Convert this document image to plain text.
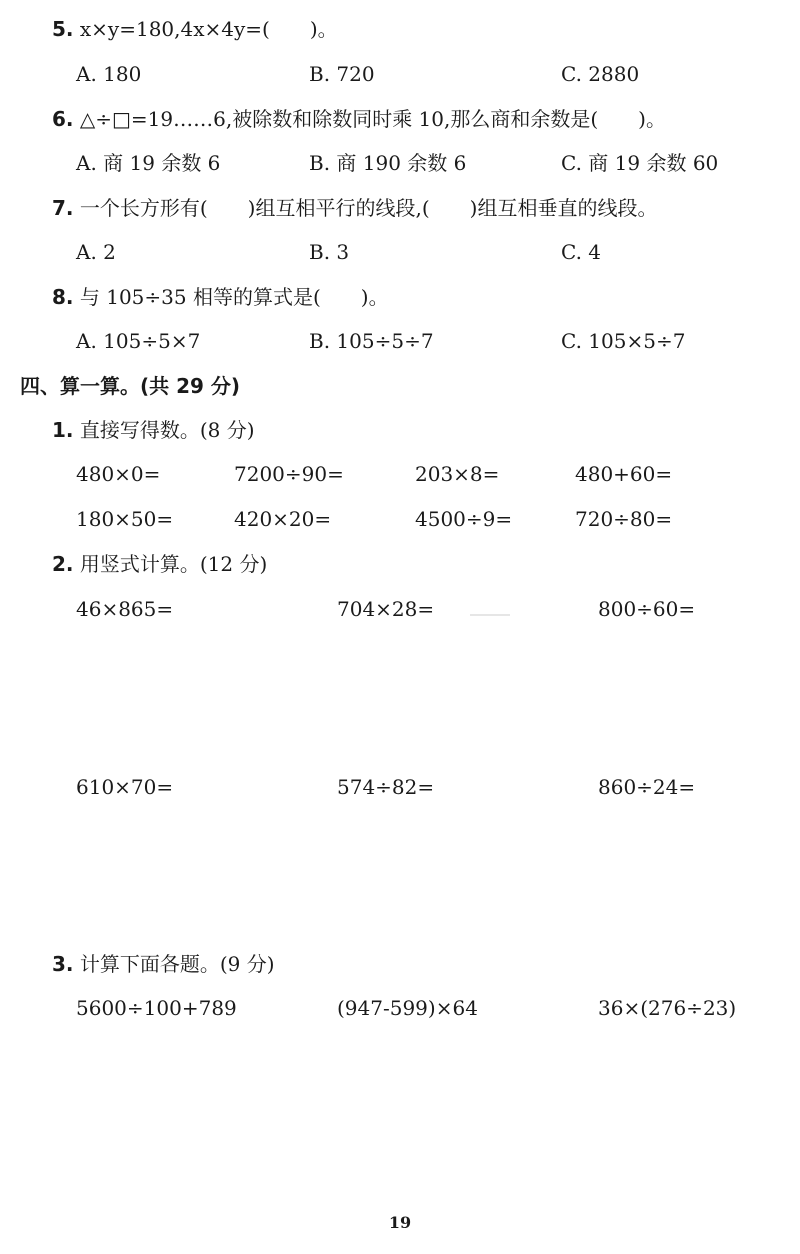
5. x×y=180,4x×4y=(　　)。
A. 180	B. 720	C. 2880
6. △÷□=19……6,被除数和除数同时乘 10,那么商和余数是(　　)。
A. 商 19 余数 6	B. 商 190 余数 6	C. 商 19 余数 60
7. 一个长方形有(　　)组互相平行的线段,(　　)组互相垂直的线段。
A. 2	B. 3	C. 4
8. 与 105÷35 相等的算式是(　　)。
A. 105÷5×7	B. 105÷5÷7	C. 105×5÷7
四、算一算。(共 29 分)
1. 直接写得数。(8 分)
480×0=	7200÷90=	203×8=	480+60=
180×50=	420×20=	4500÷9=	720÷80=
2. 用竖式计算。(12 分)
46×865=	704×28=	800÷60=
610×70=	574÷82=	860÷24=
3. 计算下面各题。(9 分)
5600÷100+789	(947-599)×64	36×(276÷23)
19
